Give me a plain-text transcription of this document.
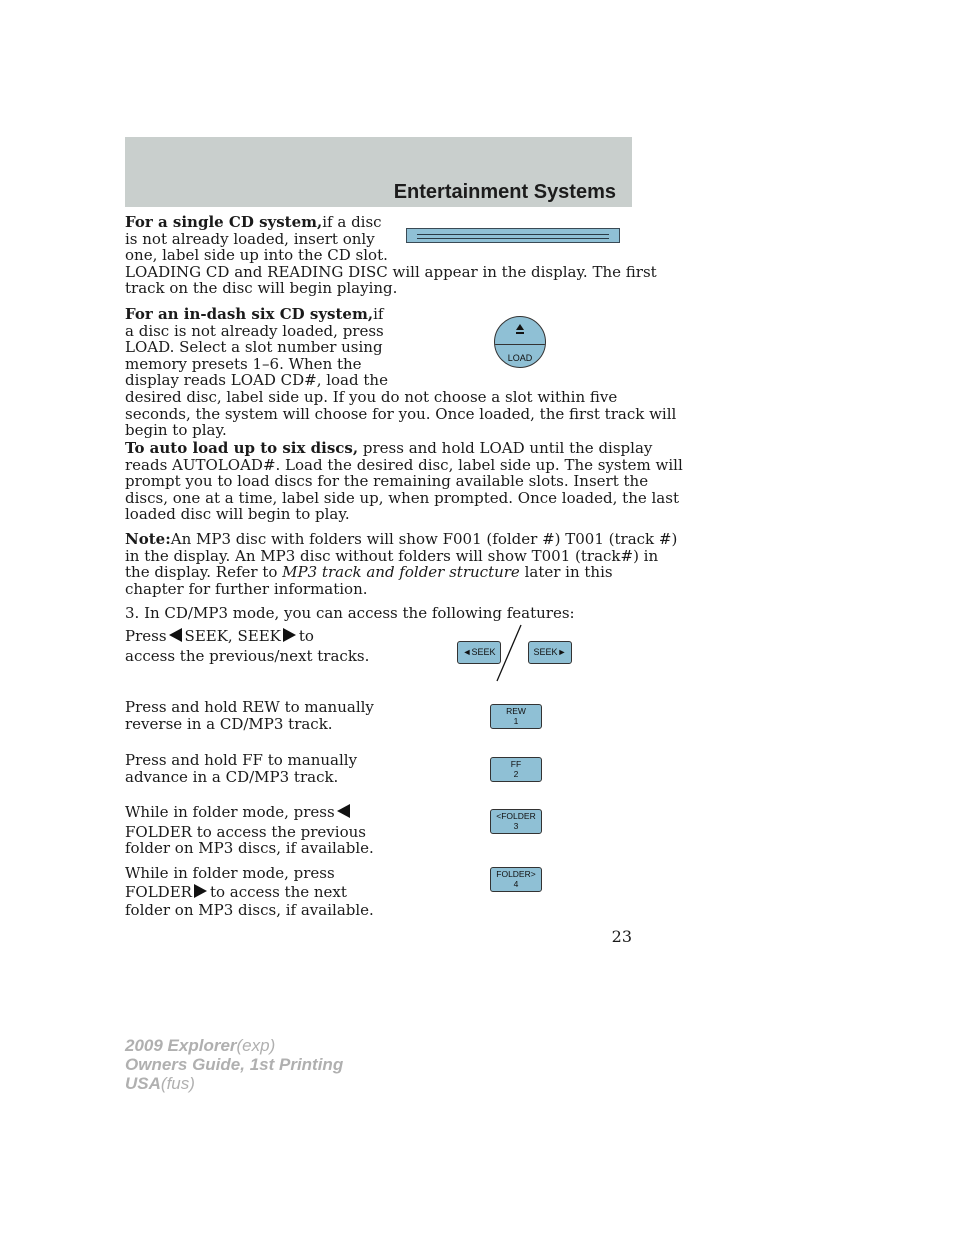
Entertainment Systems
For a single CD system,if a disc
is not already loaded, insert only
one, label side up into the CD slot.
LOADING CD and READING DISC will appear in the display. The first
track on the disc will begin playing.
LOAD
For an in-dash six CD system,if
a disc is not already loaded, press
LOAD. Select a slot number using
memory presets 1–6. When the
display reads LOAD CD#, load the
desired disc, label side up. If you do not choose a slot within five
seconds, the system will choose for you. Once loaded, the first track will
begin to play.
To auto load up to six discs, press and hold LOAD until the display
reads AUTOLOAD#. Load the desired disc, label side up. The system will
prompt you to load discs for the remaining available slots. Insert the
discs, one at a time, label side up, when prompted. Once loaded, the last
loaded disc will begin to play.
Note:An MP3 disc with folders will show F001 (folder #) T001 (track #)
in the display. An MP3 disc without folders will show T001 (track#) in
the display. Refer to MP3 track and folder structure later in this
chapter for further information.
3. In CD/MP3 mode, you can access the following features:
Press SEEK, SEEK to
access the previous/next tracks.	◄SEEK	SEEK►
Press and hold REW to manually
reverse in a CD/MP3 track.
REW
1
Press and hold FF to manually
advance in a CD/MP3 track.
FF
2
While in folder mode, press
FOLDER to access the previous
folder on MP3 discs, if available.
<FOLDER
3
While in folder mode, press
FOLDER to access the next
folder on MP3 discs, if available.
FOLDER>
4
23
2009 Explorer(exp)
Owners Guide, 1st Printing
USA(fus)
